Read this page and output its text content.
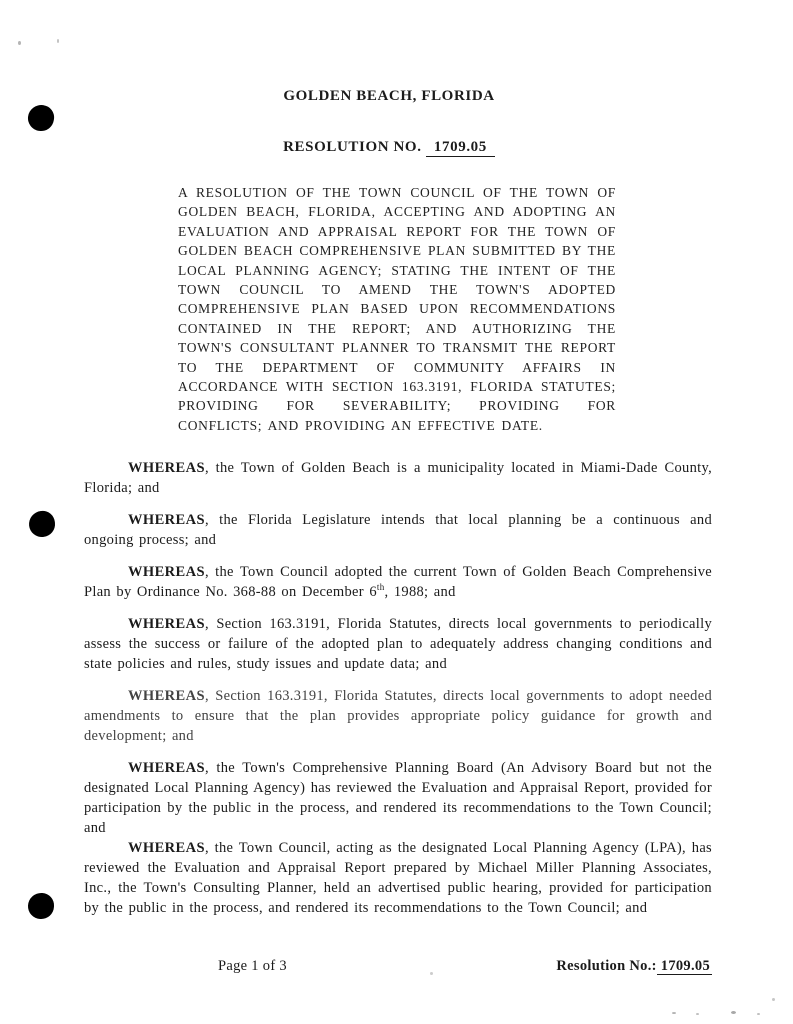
GOLDEN BEACH, FLORIDA
RESOLUTION NO. 1709.05

A RESOLUTION OF THE TOWN COUNCIL OF THE TOWN OF GOLDEN BEACH, FLORIDA, ACCEPTING AND ADOPTING AN EVALUATION AND APPRAISAL REPORT FOR THE TOWN OF GOLDEN BEACH COMPREHENSIVE PLAN SUBMITTED BY THE LOCAL PLANNING AGENCY; STATING THE INTENT OF THE TOWN COUNCIL TO AMEND THE TOWN'S ADOPTED COMPREHENSIVE PLAN BASED UPON RECOMMENDATIONS CONTAINED IN THE REPORT; AND AUTHORIZING THE TOWN'S CONSULTANT PLANNER TO TRANSMIT THE REPORT TO THE DEPARTMENT OF COMMUNITY AFFAIRS IN ACCORDANCE WITH SECTION 163.3191, FLORIDA STATUTES; PROVIDING FOR SEVERABILITY; PROVIDING FOR CONFLICTS; AND PROVIDING AN EFFECTIVE DATE.

WHEREAS, the Town of Golden Beach is a municipality located in Miami-Dade County, Florida; and

WHEREAS, the Florida Legislature intends that local planning be a continuous and ongoing process; and

WHEREAS, the Town Council adopted the current Town of Golden Beach Comprehensive Plan by Ordinance No. 368-88 on December 6th, 1988; and

WHEREAS, Section 163.3191, Florida Statutes, directs local governments to periodically assess the success or failure of the adopted plan to adequately address changing conditions and state policies and rules, study issues and update data; and

WHEREAS, Section 163.3191, Florida Statutes, directs local governments to adopt needed amendments to ensure that the plan provides appropriate policy guidance for growth and development; and

WHEREAS, the Town's Comprehensive Planning Board (An Advisory Board but not the designated Local Planning Agency) has reviewed the Evaluation and Appraisal Report, provided for participation by the public in the process, and rendered its recommendations to the Town Council; and

WHEREAS, the Town Council, acting as the designated Local Planning Agency (LPA), has reviewed the Evaluation and Appraisal Report prepared by Michael Miller Planning Associates, Inc., the Town's Consulting Planner, held an advertised public hearing, provided for participation by the public in the process, and rendered its recommendations to the Town Council; and

Page 1 of 3	Resolution No.: 1709.05
